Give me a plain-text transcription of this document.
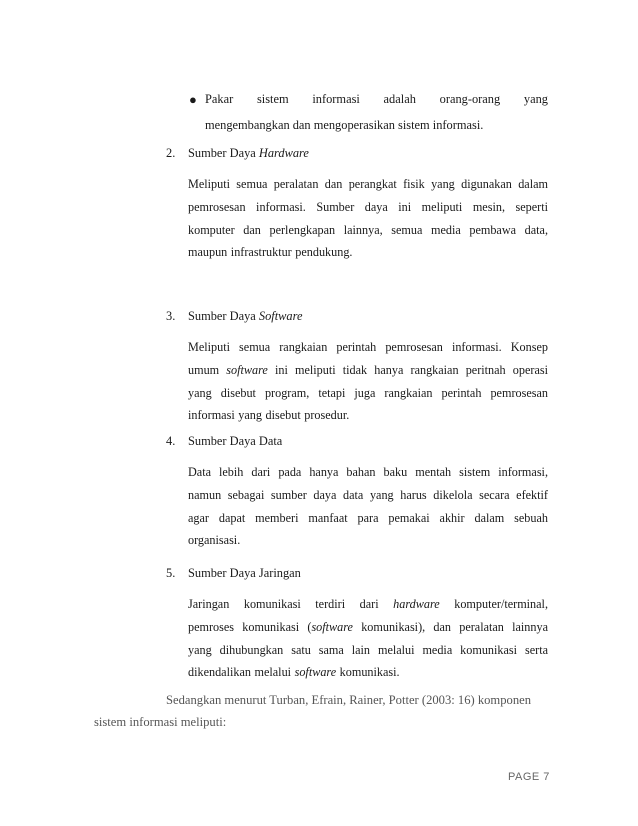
● Pakar sistem informasi adalah orang-orang yang
mengembangkan dan mengoperasikan sistem informasi.

2. Sumber Daya Hardware

Meliputi semua peralatan dan perangkat fisik yang digunakan dalam
pemrosesan informasi. Sumber daya ini meliputi mesin, seperti
komputer dan perlengkapan lainnya, semua media pembawa data,
maupun infrastruktur pendukung.

3. Sumber Daya Software

Meliputi semua rangkaian perintah pemrosesan informasi. Konsep
umum software ini meliputi tidak hanya rangkaian peritnah operasi
yang disebut program, tetapi juga rangkaian perintah pemrosesan
informasi yang disebut prosedur.

4. Sumber Daya Data

Data lebih dari pada hanya bahan baku mentah sistem informasi,
namun sebagai sumber daya data yang harus dikelola secara efektif
agar dapat memberi manfaat para pemakai akhir dalam sebuah
organisasi.

5. Sumber Daya Jaringan

Jaringan komunikasi terdiri dari hardware komputer/terminal,
pemroses komunikasi (software komunikasi), dan peralatan lainnya
yang dihubungkan satu sama lain melalui media komunikasi serta
dikendalikan melalui software komunikasi.
Sedangkan menurut Turban, Efrain, Rainer, Potter (2003: 16) komponen
sistem informasi meliputi:
PAGE 7
